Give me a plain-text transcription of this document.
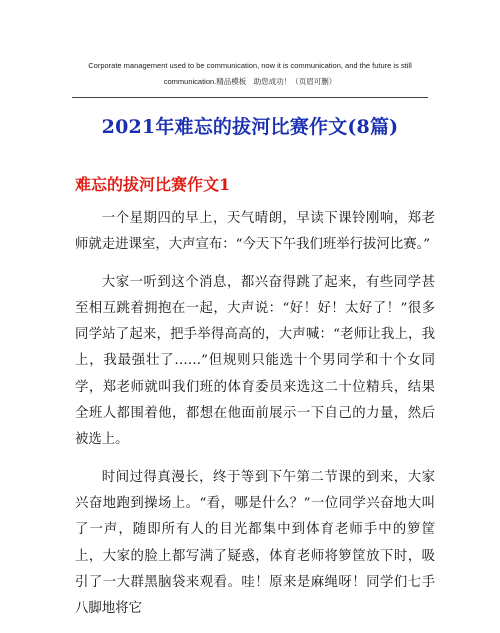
Corporate management used to be communication, now it is communication, and the future is still
communication.精品模板　助您成功！（页眉可删）
2021年难忘的拔河比赛作文(8篇)
难忘的拔河比赛作文1

一个星期四的早上，天气晴朗，早读下课铃刚响，郑老师就走进课室，大声宣布：“今天下午我们班举行拔河比赛。”

大家一听到这个消息，都兴奋得跳了起来，有些同学甚至相互跳着拥抱在一起，大声说：“好！好！太好了！”很多同学站了起来，把手举得高高的，大声喊：“老师让我上，我上，我最强壮了……”但规则只能选十个男同学和十个女同学，郑老师就叫我们班的体育委员来选这二十位精兵，结果全班人都围着他，都想在他面前展示一下自己的力量，然后被选上。

时间过得真漫长，终于等到下午第二节课的到来，大家兴奋地跑到操场上。“看，哪是什么？”一位同学兴奋地大叫了一声，随即所有人的目光都集中到体育老师手中的箩筐上，大家的脸上都写满了疑惑，体育老师将箩筐放下时，吸引了一大群黑脑袋来观看。哇！原来是麻绳呀！同学们七手八脚地将它
